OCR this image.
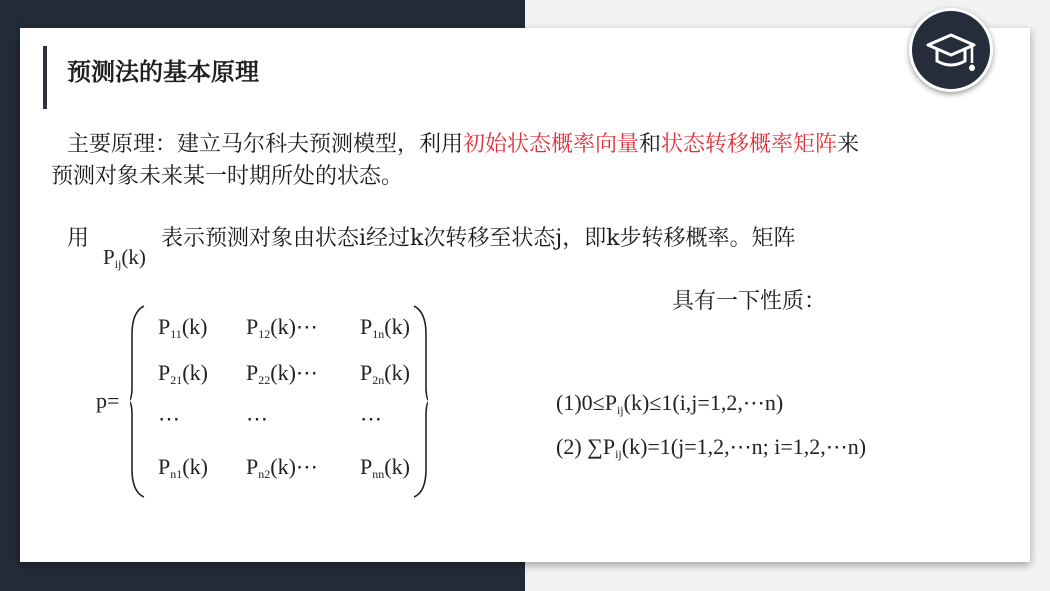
预测法的基本原理
主要原理：建立马尔科夫预测模型，利用初始状态概率向量和状态转移概率矩阵来
预测对象未来某一时期所处的状态。
用	表示预测对象由状态i经过k次转移至状态j，即k步转移概率。矩阵
$P_{ij}(k)$
具有一下性质：
p=
$P_{11}(k)$ $P_{12}(k)\cdots$ $P_{1n}(k)$
$P_{21}(k)$ $P_{22}(k)\cdots$ $P_{2n}(k)$
⋯	⋯	⋯
$P_{n1}(k)$ $P_{n2}(k)\cdots$ $P_{nn}(k)$
$(1)0\le P_{ij}(k)\le 1(i,j=1,2,\cdots n)$
(2) $\sum P_{ij}(k)=1(j=1,2,\cdots n$; i=1,2,⋯n)
